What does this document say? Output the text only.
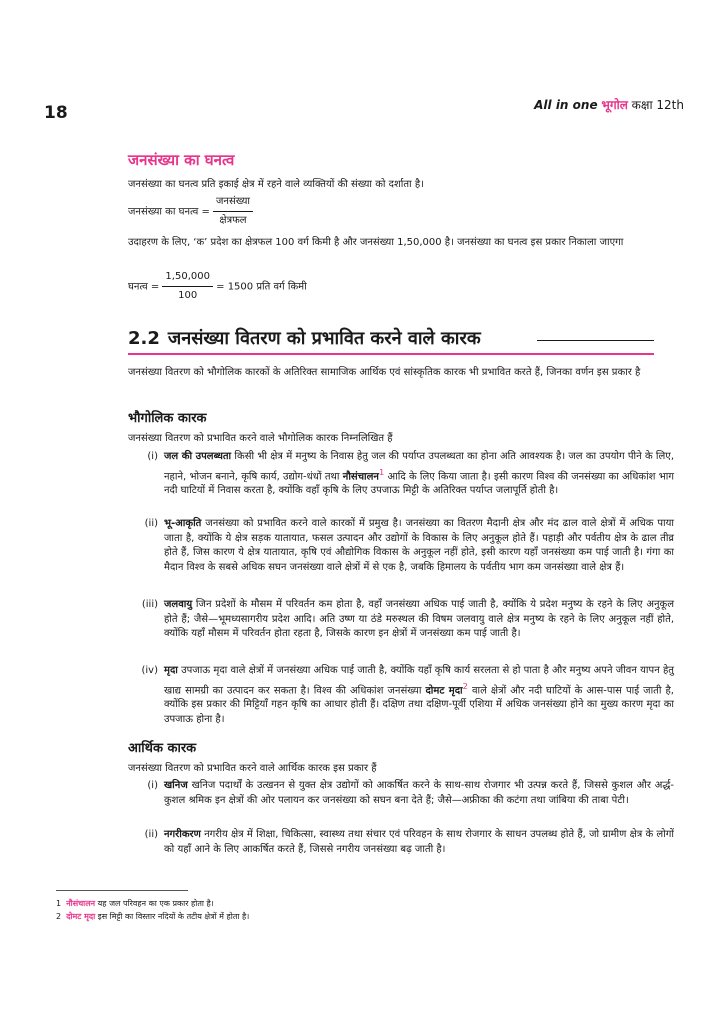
18	All in one भूगोल कक्षा 12th
जनसंख्या का घनत्व
जनसंख्या का घनत्व प्रति इकाई क्षेत्र में रहने वाले व्यक्तियों की संख्या को दर्शाता है।
जनसंख्या का घनत्व = $\frac{\text{जनसंख्या}}{\text{क्षेत्रफल}}$
उदाहरण के लिए, ‘क’ प्रदेश का क्षेत्रफल 100 वर्ग किमी है और जनसंख्या 1,50,000 है। जनसंख्या का घनत्व इस प्रकार निकाला जाएगा
घनत्व = $\frac{1,50,000}{100} = 1500$ प्रति वर्ग किमी
2.2 जनसंख्या वितरण को प्रभावित करने वाले कारक
जनसंख्या वितरण को भौगोलिक कारकों के अतिरिक्त सामाजिक आर्थिक एवं सांस्कृतिक कारक भी प्रभावित करते हैं, जिनका वर्णन इस प्रकार है
भौगोलिक कारक
जनसंख्या वितरण को प्रभावित करने वाले भौगोलिक कारक निम्नलिखित हैं
(i) जल की उपलब्धता किसी भी क्षेत्र में मनुष्य के निवास हेतु जल की पर्याप्त उपलब्धता का होना अति आवश्यक है। जल का उपयोग पीने के लिए, नहाने, भोजन बनाने, कृषि कार्य, उद्योग-धंधों तथा नौसंचालन$^1$ आदि के लिए किया जाता है। इसी कारण विश्व की जनसंख्या का अधिकांश भाग नदी घाटियों में निवास करता है, क्योंकि वहाँ कृषि के लिए उपजाऊ मिट्टी के अतिरिक्त पर्याप्त जलापूर्ति होती है।
(ii) भू-आकृति जनसंख्या को प्रभावित करने वाले कारकों में प्रमुख है। जनसंख्या का वितरण मैदानी क्षेत्र और मंद ढाल वाले क्षेत्रों में अधिक पाया जाता है, क्योंकि ये क्षेत्र सड़क यातायात, फसल उत्पादन और उद्योगों के विकास के लिए अनुकूल होते हैं। पहाड़ी और पर्वतीय क्षेत्र के ढाल तीव्र होते हैं, जिस कारण ये क्षेत्र यातायात, कृषि एवं औद्योगिक विकास के अनुकूल नहीं होते, इसी कारण यहाँ जनसंख्या कम पाई जाती है। गंगा का मैदान विश्व के सबसे अधिक सघन जनसंख्या वाले क्षेत्रों में से एक है, जबकि हिमालय के पर्वतीय भाग कम जनसंख्या वाले क्षेत्र हैं।
(iii) जलवायु जिन प्रदेशों के मौसम में परिवर्तन कम होता है, वहाँ जनसंख्या अधिक पाई जाती है, क्योंकि ये प्रदेश मनुष्य के रहने के लिए अनुकूल होते हैं; जैसे—भूमध्यसागरीय प्रदेश आदि। अति उष्ण या ठंडे मरुस्थल की विषम जलवायु वाले क्षेत्र मनुष्य के रहने के लिए अनुकूल नहीं होते, क्योंकि यहाँ मौसम में परिवर्तन होता रहता है, जिसके कारण इन क्षेत्रों में जनसंख्या कम पाई जाती है।
(iv) मृदा उपजाऊ मृदा वाले क्षेत्रों में जनसंख्या अधिक पाई जाती है, क्योंकि यहाँ कृषि कार्य सरलता से हो पाता है और मनुष्य अपने जीवन यापन हेतु खाद्य सामग्री का उत्पादन कर सकता है। विश्व की अधिकांश जनसंख्या दोमट मृदा$^2$ वाले क्षेत्रों और नदी घाटियों के आस-पास पाई जाती है, क्योंकि इस प्रकार की मिट्टियाँ गहन कृषि का आधार होती हैं। दक्षिण तथा दक्षिण-पूर्वी एशिया में अधिक जनसंख्या होने का मुख्य कारण मृदा का उपजाऊ होना है।
आर्थिक कारक
जनसंख्या वितरण को प्रभावित करने वाले आर्थिक कारक इस प्रकार हैं
(i) खनिज खनिज पदार्थों के उत्खनन से युक्त क्षेत्र उद्योगों को आकर्षित करने के साथ-साथ रोजगार भी उत्पन्न करते हैं, जिससे कुशल और अर्द्ध-कुशल श्रमिक इन क्षेत्रों की ओर पलायन कर जनसंख्या को सघन बना देते हैं; जैसे—अफ्रीका की कटंगा तथा जांबिया की ताबा पेटी।
(ii) नगरीकरण नगरीय क्षेत्र में शिक्षा, चिकित्सा, स्वास्थ्य तथा संचार एवं परिवहन के साथ रोजगार के साधन उपलब्ध होते हैं, जो ग्रामीण क्षेत्र के लोगों को यहाँ आने के लिए आकर्षित करते हैं, जिससे नगरीय जनसंख्या बढ़ जाती है।
1 नौसंचालन यह जल परिवहन का एक प्रकार होता है।
2 दोमट मृदा इस मिट्टी का विस्तार नदियों के तटीय क्षेत्रों में होता है।
